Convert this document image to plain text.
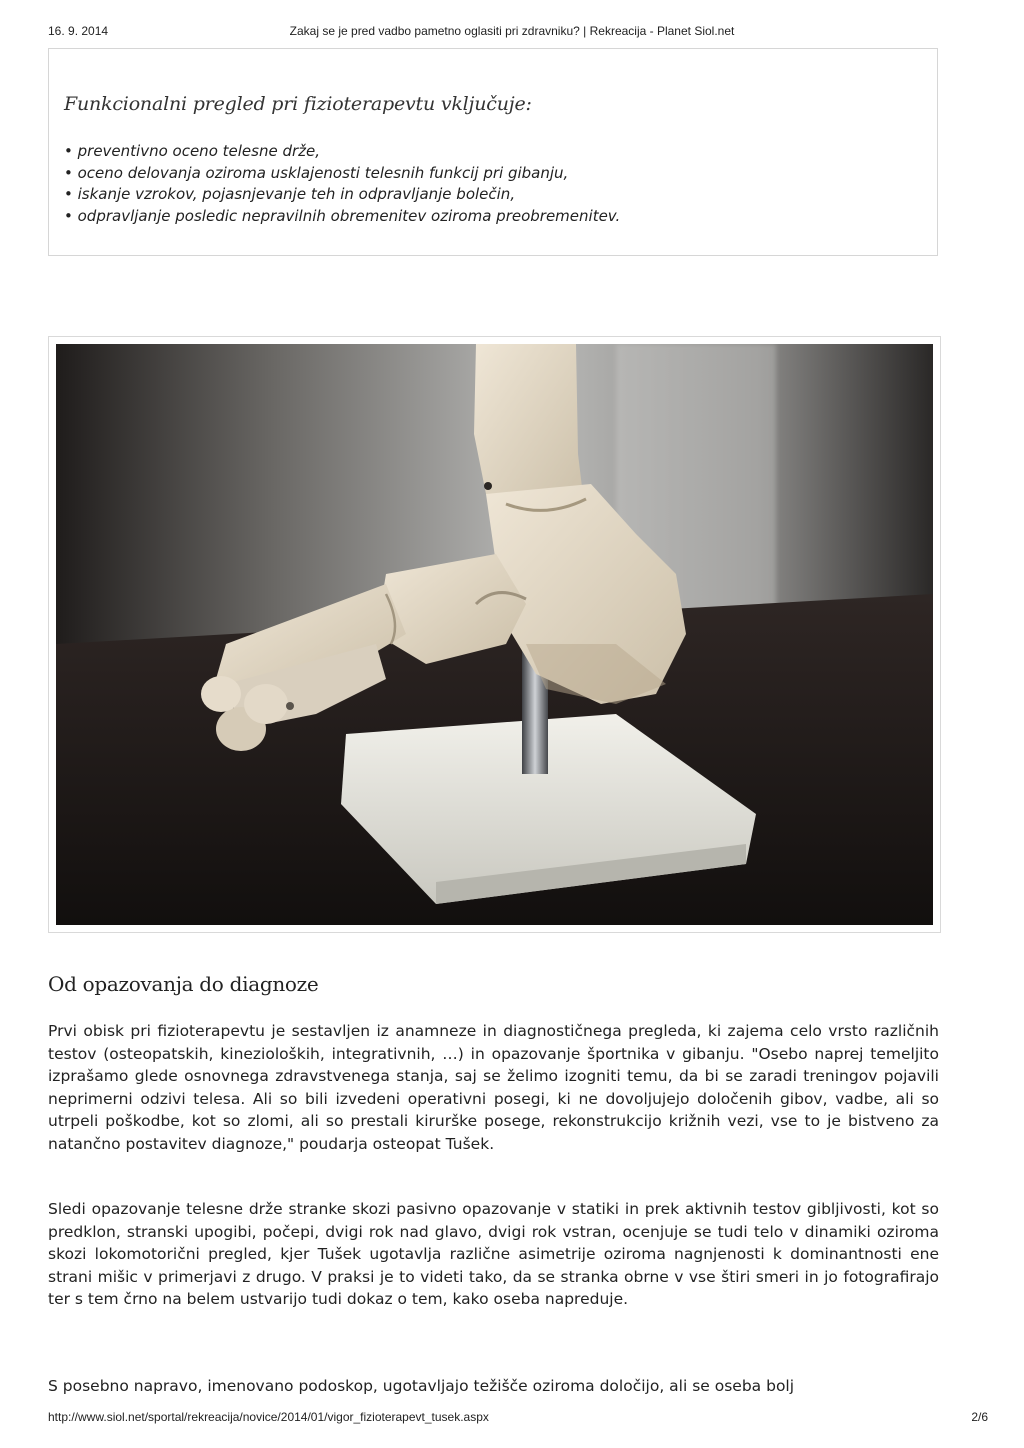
16. 9. 2014	Zakaj se je pred vadbo pametno oglasiti pri zdravniku? | Rekreacija - Planet Siol.net
Funkcionalni pregled pri fizioterapevtu vključuje:
• preventivno oceno telesne drže,
• oceno delovanja oziroma usklajenosti telesnih funkcij pri gibanju,
• iskanje vzrokov, pojasnjevanje teh in odpravljanje bolečin,
• odpravljanje posledic nepravilnih obremenitev oziroma preobremenitev.
Od opazovanja do diagnoze

Prvi obisk pri fizioterapevtu je sestavljen iz anamneze in diagnostičnega pregleda, ki zajema celo vrsto različnih testov (osteopatskih, kinezioloških, integrativnih, …) in opazovanje športnika v gibanju. "Osebo naprej temeljito izprašamo glede osnovnega zdravstvenega stanja, saj se želimo izogniti temu, da bi se zaradi treningov pojavili neprimerni odzivi telesa. Ali so bili izvedeni operativni posegi, ki ne dovoljujejo določenih gibov, vadbe, ali so utrpeli poškodbe, kot so zlomi, ali so prestali kirurške posege, rekonstrukcijo križnih vezi, vse to je bistveno za natančno postavitev diagnoze," poudarja osteopat Tušek.

Sledi opazovanje telesne drže stranke skozi pasivno opazovanje v statiki in prek aktivnih testov gibljivosti, kot so predklon, stranski upogibi, počepi, dvigi rok nad glavo, dvigi rok vstran, ocenjuje se tudi telo v dinamiki oziroma skozi lokomotorični pregled, kjer Tušek ugotavlja različne asimetrije oziroma nagnjenosti k dominantnosti ene strani mišic v primerjavi z drugo. V praksi je to videti tako, da se stranka obrne v vse štiri smeri in jo fotografirajo ter s tem črno na belem ustvarijo tudi dokaz o tem, kako oseba napreduje.

S posebno napravo, imenovano podoskop, ugotavljajo težišče oziroma določijo, ali se oseba bolj

http://www.siol.net/sportal/rekreacija/novice/2014/01/vigor_fizioterapevt_tusek.aspx	2/6
